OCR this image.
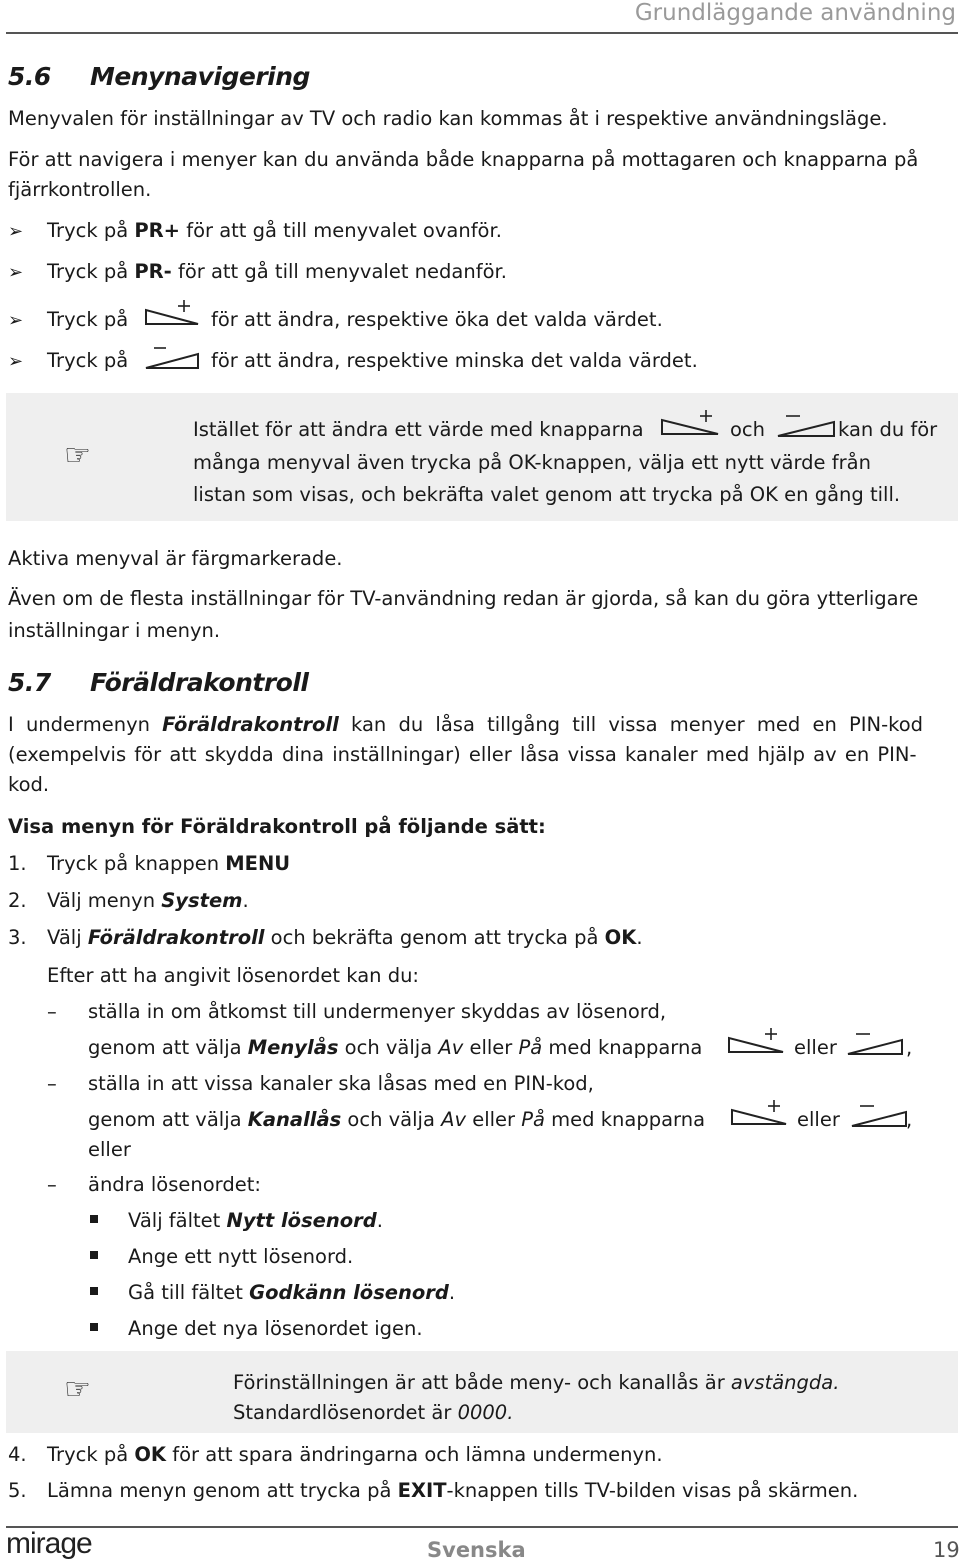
Grundläggande användning
5.6 Menynavigering
Menyvalen för inställningar av TV och radio kan kommas åt i respektive användningsläge.
För att navigera i menyer kan du använda både knapparna på mottagaren och knapparna på
fjärrkontrollen.
➢ Tryck på PR+ för att gå till menyvalet ovanför.
➢ Tryck på PR- för att gå till menyvalet nedanför.
➢ Tryck på	för att ändra, respektive öka det valda värdet.
➢ Tryck på	för att ändra, respektive minska det valda värdet.
☞
Istället för att ändra ett värde med knapparna	och	kan du för
många menyval även trycka på OK-knappen, välja ett nytt värde från
listan som visas, och bekräfta valet genom att trycka på OK en gång till.
Aktiva menyval är färgmarkerade.
Även om de flesta inställningar för TV-användning redan är gjorda, så kan du göra ytterligare
inställningar i menyn.
5.7 Föräldrakontroll
I undermenyn Föräldrakontroll kan du låsa tillgång till vissa menyer med en PIN-kod
(exempelvis för att skydda dina inställningar) eller låsa vissa kanaler med hjälp av en PIN-
kod.
Visa menyn för Föräldrakontroll på följande sätt:
1. Tryck på knappen MENU
2. Välj menyn System.
3. Välj Föräldrakontroll och bekräfta genom att trycka på OK.
Efter att ha angivit lösenordet kan du:
– ställa in om åtkomst till undermenyer skyddas av lösenord,
genom att välja Menylås och välja Av eller På med knapparna	eller	,
– ställa in att vissa kanaler ska låsas med en PIN-kod,
genom att välja Kanallås och välja Av eller På med knapparna	eller	,
eller
– ändra lösenordet:
Välj fältet Nytt lösenord.
Ange ett nytt lösenord.
Gå till fältet Godkänn lösenord.
Ange det nya lösenordet igen.
☞	Förinställningen är att både meny- och kanallås är avstängda.
Standardlösenordet är 0000.
4. Tryck på OK för att spara ändringarna och lämna undermenyn.
5. Lämna menyn genom att trycka på EXIT-knappen tills TV-bilden visas på skärmen.
mirage	Svenska	19
